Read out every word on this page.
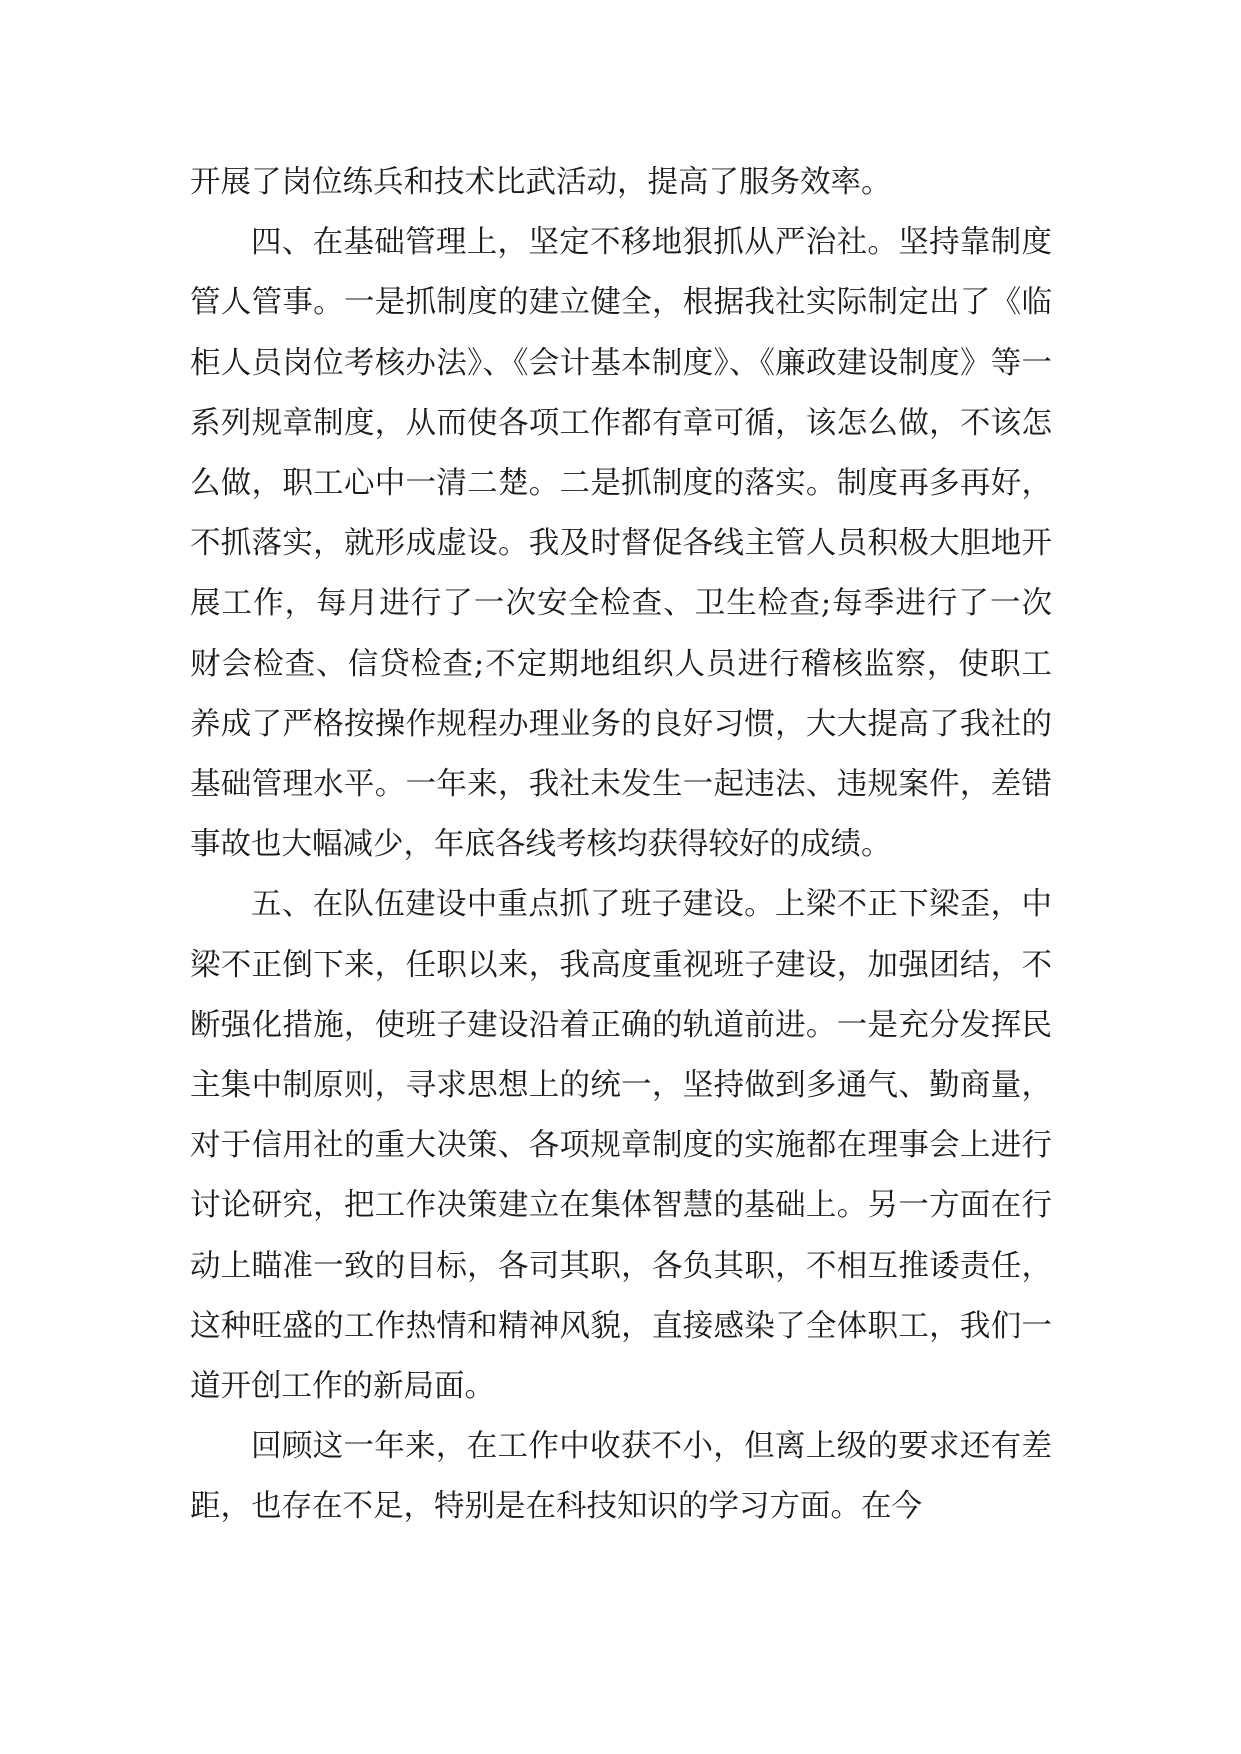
开展了岗位练兵和技术比武活动，提高了服务效率。

四、在基础管理上，坚定不移地狠抓从严治社。坚持靠制度管人管事。一是抓制度的建立健全，根据我社实际制定出了《临柜人员岗位考核办法》、《会计基本制度》、《廉政建设制度》等一系列规章制度，从而使各项工作都有章可循，该怎么做，不该怎么做，职工心中一清二楚。二是抓制度的落实。制度再多再好，不抓落实，就形成虚设。我及时督促各线主管人员积极大胆地开展工作，每月进行了一次安全检查、卫生检查;每季进行了一次财会检查、信贷检查;不定期地组织人员进行稽核监察，使职工养成了严格按操作规程办理业务的良好习惯，大大提高了我社的基础管理水平。一年来，我社未发生一起违法、违规案件，差错事故也大幅减少，年底各线考核均获得较好的成绩。

五、在队伍建设中重点抓了班子建设。上梁不正下梁歪，中梁不正倒下来，任职以来，我高度重视班子建设，加强团结，不断强化措施，使班子建设沿着正确的轨道前进。一是充分发挥民主集中制原则，寻求思想上的统一，坚持做到多通气、勤商量，对于信用社的重大决策、各项规章制度的实施都在理事会上进行讨论研究，把工作决策建立在集体智慧的基础上。另一方面在行动上瞄准一致的目标，各司其职，各负其职，不相互推诿责任，这种旺盛的工作热情和精神风貌，直接感染了全体职工，我们一道开创工作的新局面。

回顾这一年来，在工作中收获不小，但离上级的要求还有差距，也存在不足，特别是在科技知识的学习方面。在今
